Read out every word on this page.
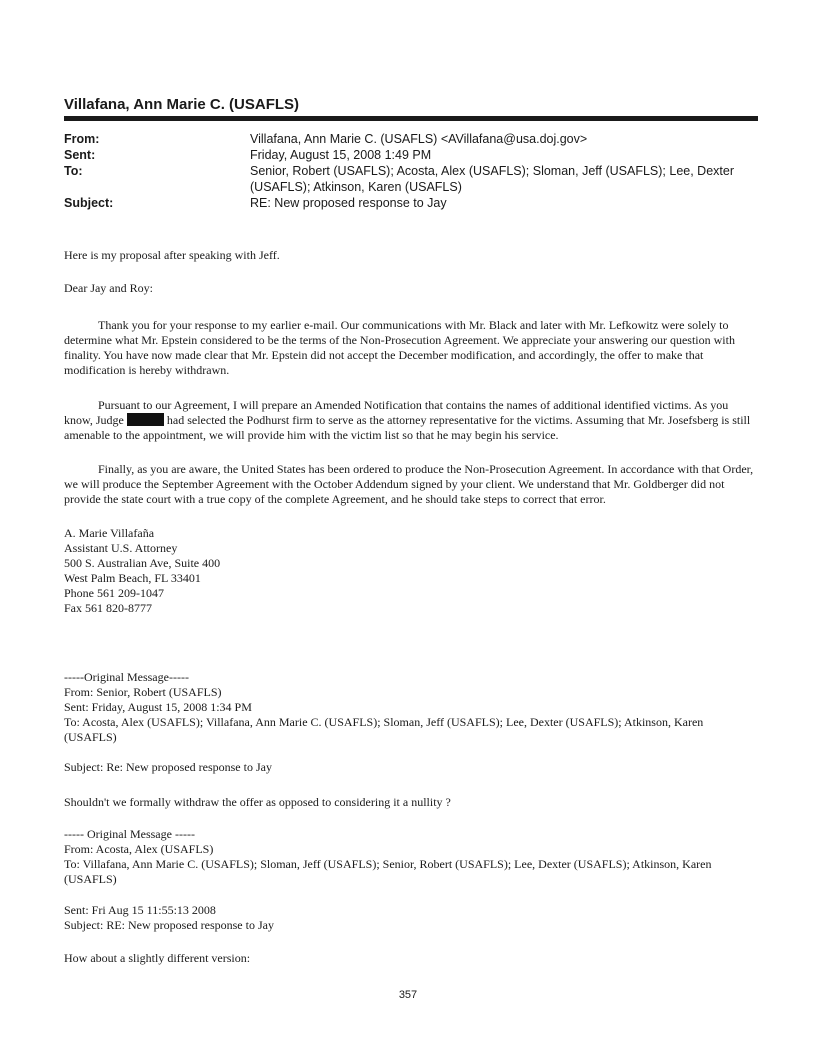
Villafana, Ann Marie C. (USAFLS)
From:	Villafana, Ann Marie C. (USAFLS) <AVillafana@usa.doj.gov>
Sent:	Friday, August 15, 2008 1:49 PM
To:	Senior, Robert (USAFLS); Acosta, Alex (USAFLS); Sloman, Jeff (USAFLS); Lee, Dexter (USAFLS); Atkinson, Karen (USAFLS)
Subject:	RE: New proposed response to Jay
Here is my proposal after speaking with Jeff.
Dear Jay and Roy:
Thank you for your response to my earlier e-mail. Our communications with Mr. Black and later with Mr. Lefkowitz were solely to determine what Mr. Epstein considered to be the terms of the Non-Prosecution Agreement. We appreciate your answering our question with finality. You have now made clear that Mr. Epstein did not accept the December modification, and accordingly, the offer to make that modification is hereby withdrawn.
Pursuant to our Agreement, I will prepare an Amended Notification that contains the names of additional identified victims. As you know, Judge	had selected the Podhurst firm to serve as the attorney representative for the victims. Assuming that Mr. Josefsberg is still amenable to the appointment, we will provide him with the victim list so that he may begin his service.
Finally, as you are aware, the United States has been ordered to produce the Non-Prosecution Agreement. In accordance with that Order, we will produce the September Agreement with the October Addendum signed by your client. We understand that Mr. Goldberger did not provide the state court with a true copy of the complete Agreement, and he should take steps to correct that error.
A. Marie Villafaña
Assistant U.S. Attorney
500 S. Australian Ave, Suite 400
West Palm Beach, FL 33401
Phone 561 209-1047
Fax 561 820-8777
-----Original Message-----
From: Senior, Robert (USAFLS)
Sent: Friday, August 15, 2008 1:34 PM
To: Acosta, Alex (USAFLS); Villafana, Ann Marie C. (USAFLS); Sloman, Jeff (USAFLS); Lee, Dexter (USAFLS); Atkinson, Karen (USAFLS)
Subject: Re: New proposed response to Jay
Shouldn't we formally withdraw the offer as opposed to considering it a nullity ?
----- Original Message -----
From: Acosta, Alex (USAFLS)
To: Villafana, Ann Marie C. (USAFLS); Sloman, Jeff (USAFLS); Senior, Robert (USAFLS); Lee, Dexter (USAFLS); Atkinson, Karen (USAFLS)
Sent: Fri Aug 15 11:55:13 2008
Subject: RE: New proposed response to Jay
How about a slightly different version:
357
